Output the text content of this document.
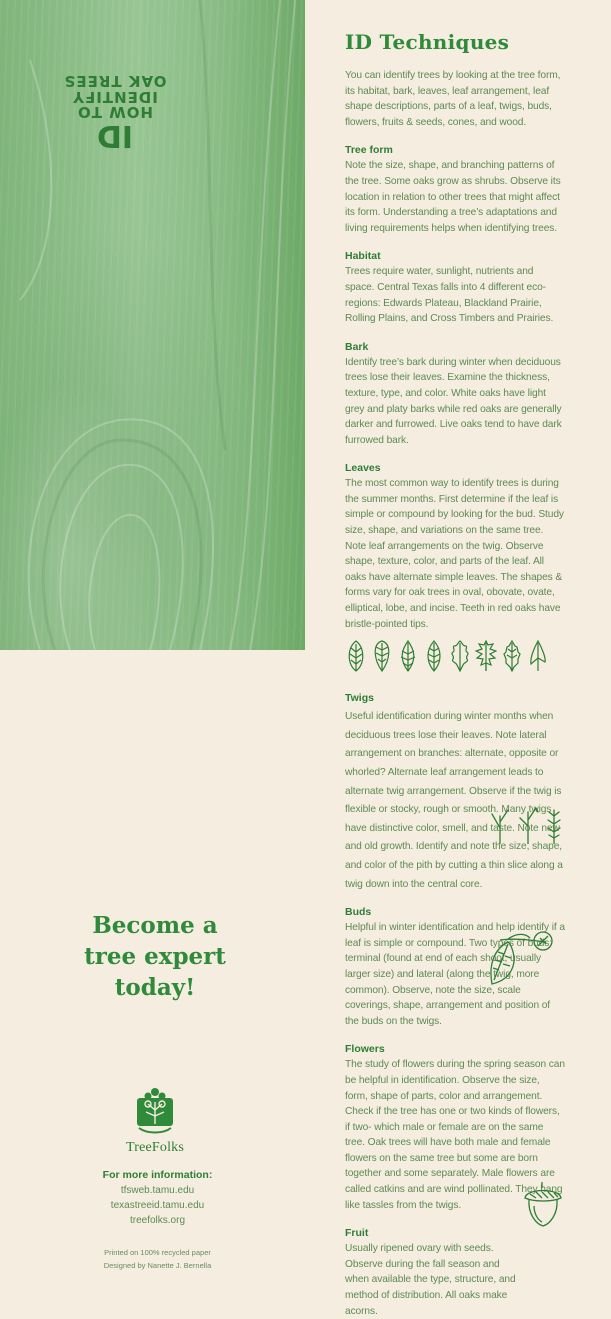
ID
HOW TO
IDENTIFY
OAK TREES
ID Techniques

You can identify trees by looking at the tree form, its habitat, bark, leaves, leaf arrangement, leaf shape descriptions, parts of a leaf, twigs, buds, flowers, fruits & seeds, cones, and wood.

Tree form

Note the size, shape, and branching patterns of the tree. Some oaks grow as shrubs. Observe its location in relation to other trees that might affect its form. Understanding a tree’s adaptations and living requirements helps when identifying trees.

Habitat

Trees require water, sunlight, nutrients and space. Central Texas falls into 4 different eco-regions: Edwards Plateau, Blackland Prairie, Rolling Plains, and Cross Timbers and Prairies.

Bark

Identify tree’s bark during winter when deciduous trees lose their leaves. Examine the thickness, texture, type, and color. White oaks have light grey and platy barks while red oaks are generally darker and furrowed. Live oaks tend to have dark furrowed bark.

Leaves

The most common way to identify trees is during the summer months. First determine if the leaf is simple or compound by looking for the bud. Study size, shape, and variations on the same tree. Note leaf arrangements on the twig. Observe shape, texture, color, and parts of the leaf. All oaks have alternate simple leaves. The shapes & forms vary for oak trees in oval, obovate, ovate, elliptical, lobe, and incise. Teeth in red oaks have bristle-pointed tips.

Twigs

Useful identification during winter months when deciduous trees lose their leaves. Note lateral arrangement on branches: alternate, opposite or whorled? Alternate leaf arrangement leads to alternate twig arrangement. Observe if the twig is flexible or stocky, rough or smooth. Many twigs have distinctive color, smell, and taste. Note new and old growth. Identify and note the size, shape, and color of the pith by cutting a thin slice along a twig down into the central core.

Buds

Helpful in winter identification and help identify if a leaf is simple or compound. Two types of buds: terminal (found at end of each shoot, usually larger size) and lateral (along the twig, more common). Observe, note the size, scale coverings, shape, arrangement and position of the buds on the twigs.

Flowers

The study of flowers during the spring season can be helpful in identification. Observe the size, form, shape of parts, color and arrangement. Check if the tree has one or two kinds of flowers, if two- which male or female are on the same tree. Oak trees will have both male and female flowers on the same tree but some are born together and some separately. Male flowers are called catkins and are wind pollinated. They hang like tassles from the twigs.

Fruit

Usually ripened ovary with seeds. Observe during the fall season and when available the type, structure, and method of distribution. All oaks make acorns.

Become a
tree expert
today!
TreeFolks
For more information:
tfsweb.tamu.edu
texastreeid.tamu.edu
treefolks.org
Printed on 100% recycled paper
Designed by Nanette J. Bernella
